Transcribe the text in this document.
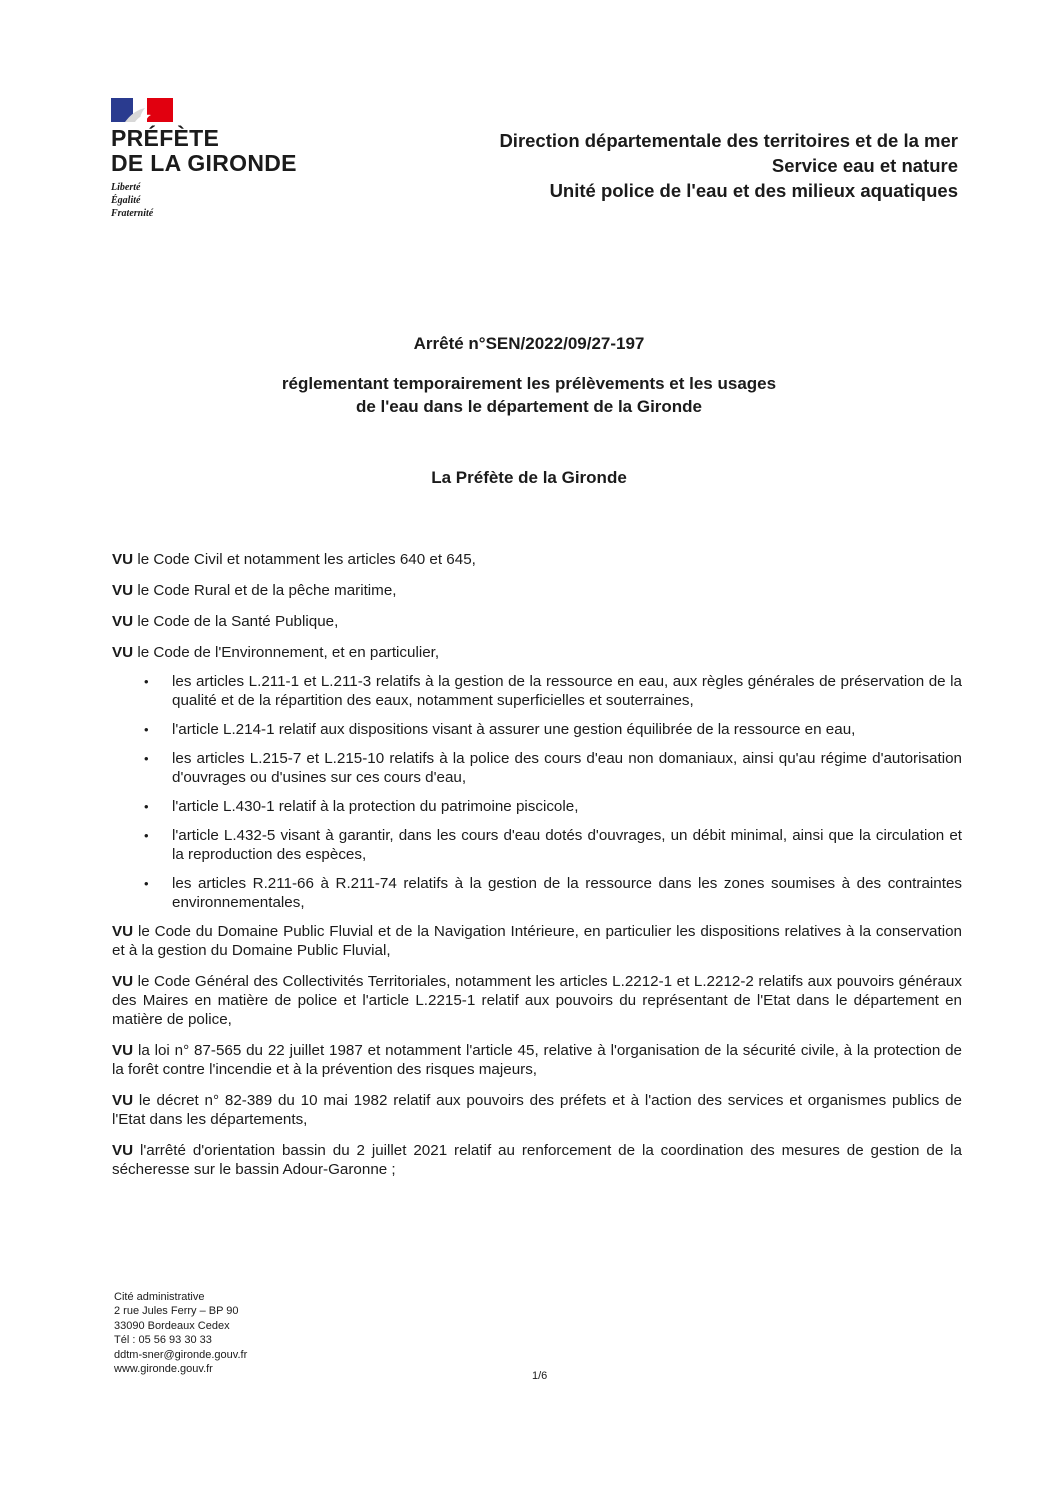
PRÉFÈTE
DE LA GIRONDE
Liberté
Égalité
Fraternité
Direction départementale des territoires et de la mer
Service eau et nature
Unité police de l'eau et des milieux aquatiques
Arrêté n°SEN/2022/09/27-197
réglementant temporairement les prélèvements et les usages
de l'eau dans le département de la Gironde
La Préfète de la Gironde

VU le Code Civil et notamment les articles 640 et 645,

VU le Code Rural et de la pêche maritime,

VU le Code de la Santé Publique,

VU le Code de l'Environnement, et en particulier,

• les articles L.211-1 et L.211-3 relatifs à la gestion de la ressource en eau, aux règles générales de préservation de la qualité et de la répartition des eaux, notamment superficielles et souterraines,
• l'article L.214-1 relatif aux dispositions visant à assurer une gestion équilibrée de la ressource en eau,
• les articles L.215-7 et L.215-10 relatifs à la police des cours d'eau non domaniaux, ainsi qu'au régime d'autorisation d'ouvrages ou d'usines sur ces cours d'eau,
• l'article L.430-1 relatif à la protection du patrimoine piscicole,
• l'article L.432-5 visant à garantir, dans les cours d'eau dotés d'ouvrages, un débit minimal, ainsi que la circulation et la reproduction des espèces,
• les articles R.211-66 à R.211-74 relatifs à la gestion de la ressource dans les zones soumises à des contraintes environnementales,

VU le Code du Domaine Public Fluvial et de la Navigation Intérieure, en particulier les dispositions relatives à la conservation et à la gestion du Domaine Public Fluvial,

VU le Code Général des Collectivités Territoriales, notamment les articles L.2212-1 et L.2212-2 relatifs aux pouvoirs généraux des Maires en matière de police et l'article L.2215-1 relatif aux pouvoirs du représentant de l'Etat dans le département en matière de police,

VU la loi n° 87-565 du 22 juillet 1987 et notamment l'article 45, relative à l'organisation de la sécurité civile, à la protection de la forêt contre l'incendie et à la prévention des risques majeurs,

VU le décret n° 82-389 du 10 mai 1982 relatif aux pouvoirs des préfets et à l'action des services et organismes publics de l'Etat dans les départements,

VU l'arrêté d'orientation bassin du 2 juillet 2021 relatif au renforcement de la coordination des mesures de gestion de la sécheresse sur le bassin Adour-Garonne ;

Cité administrative
2 rue Jules Ferry – BP 90
33090 Bordeaux Cedex
Tél : 05 56 93 30 33
ddtm-sner@gironde.gouv.fr
www.gironde.gouv.fr
1/6
